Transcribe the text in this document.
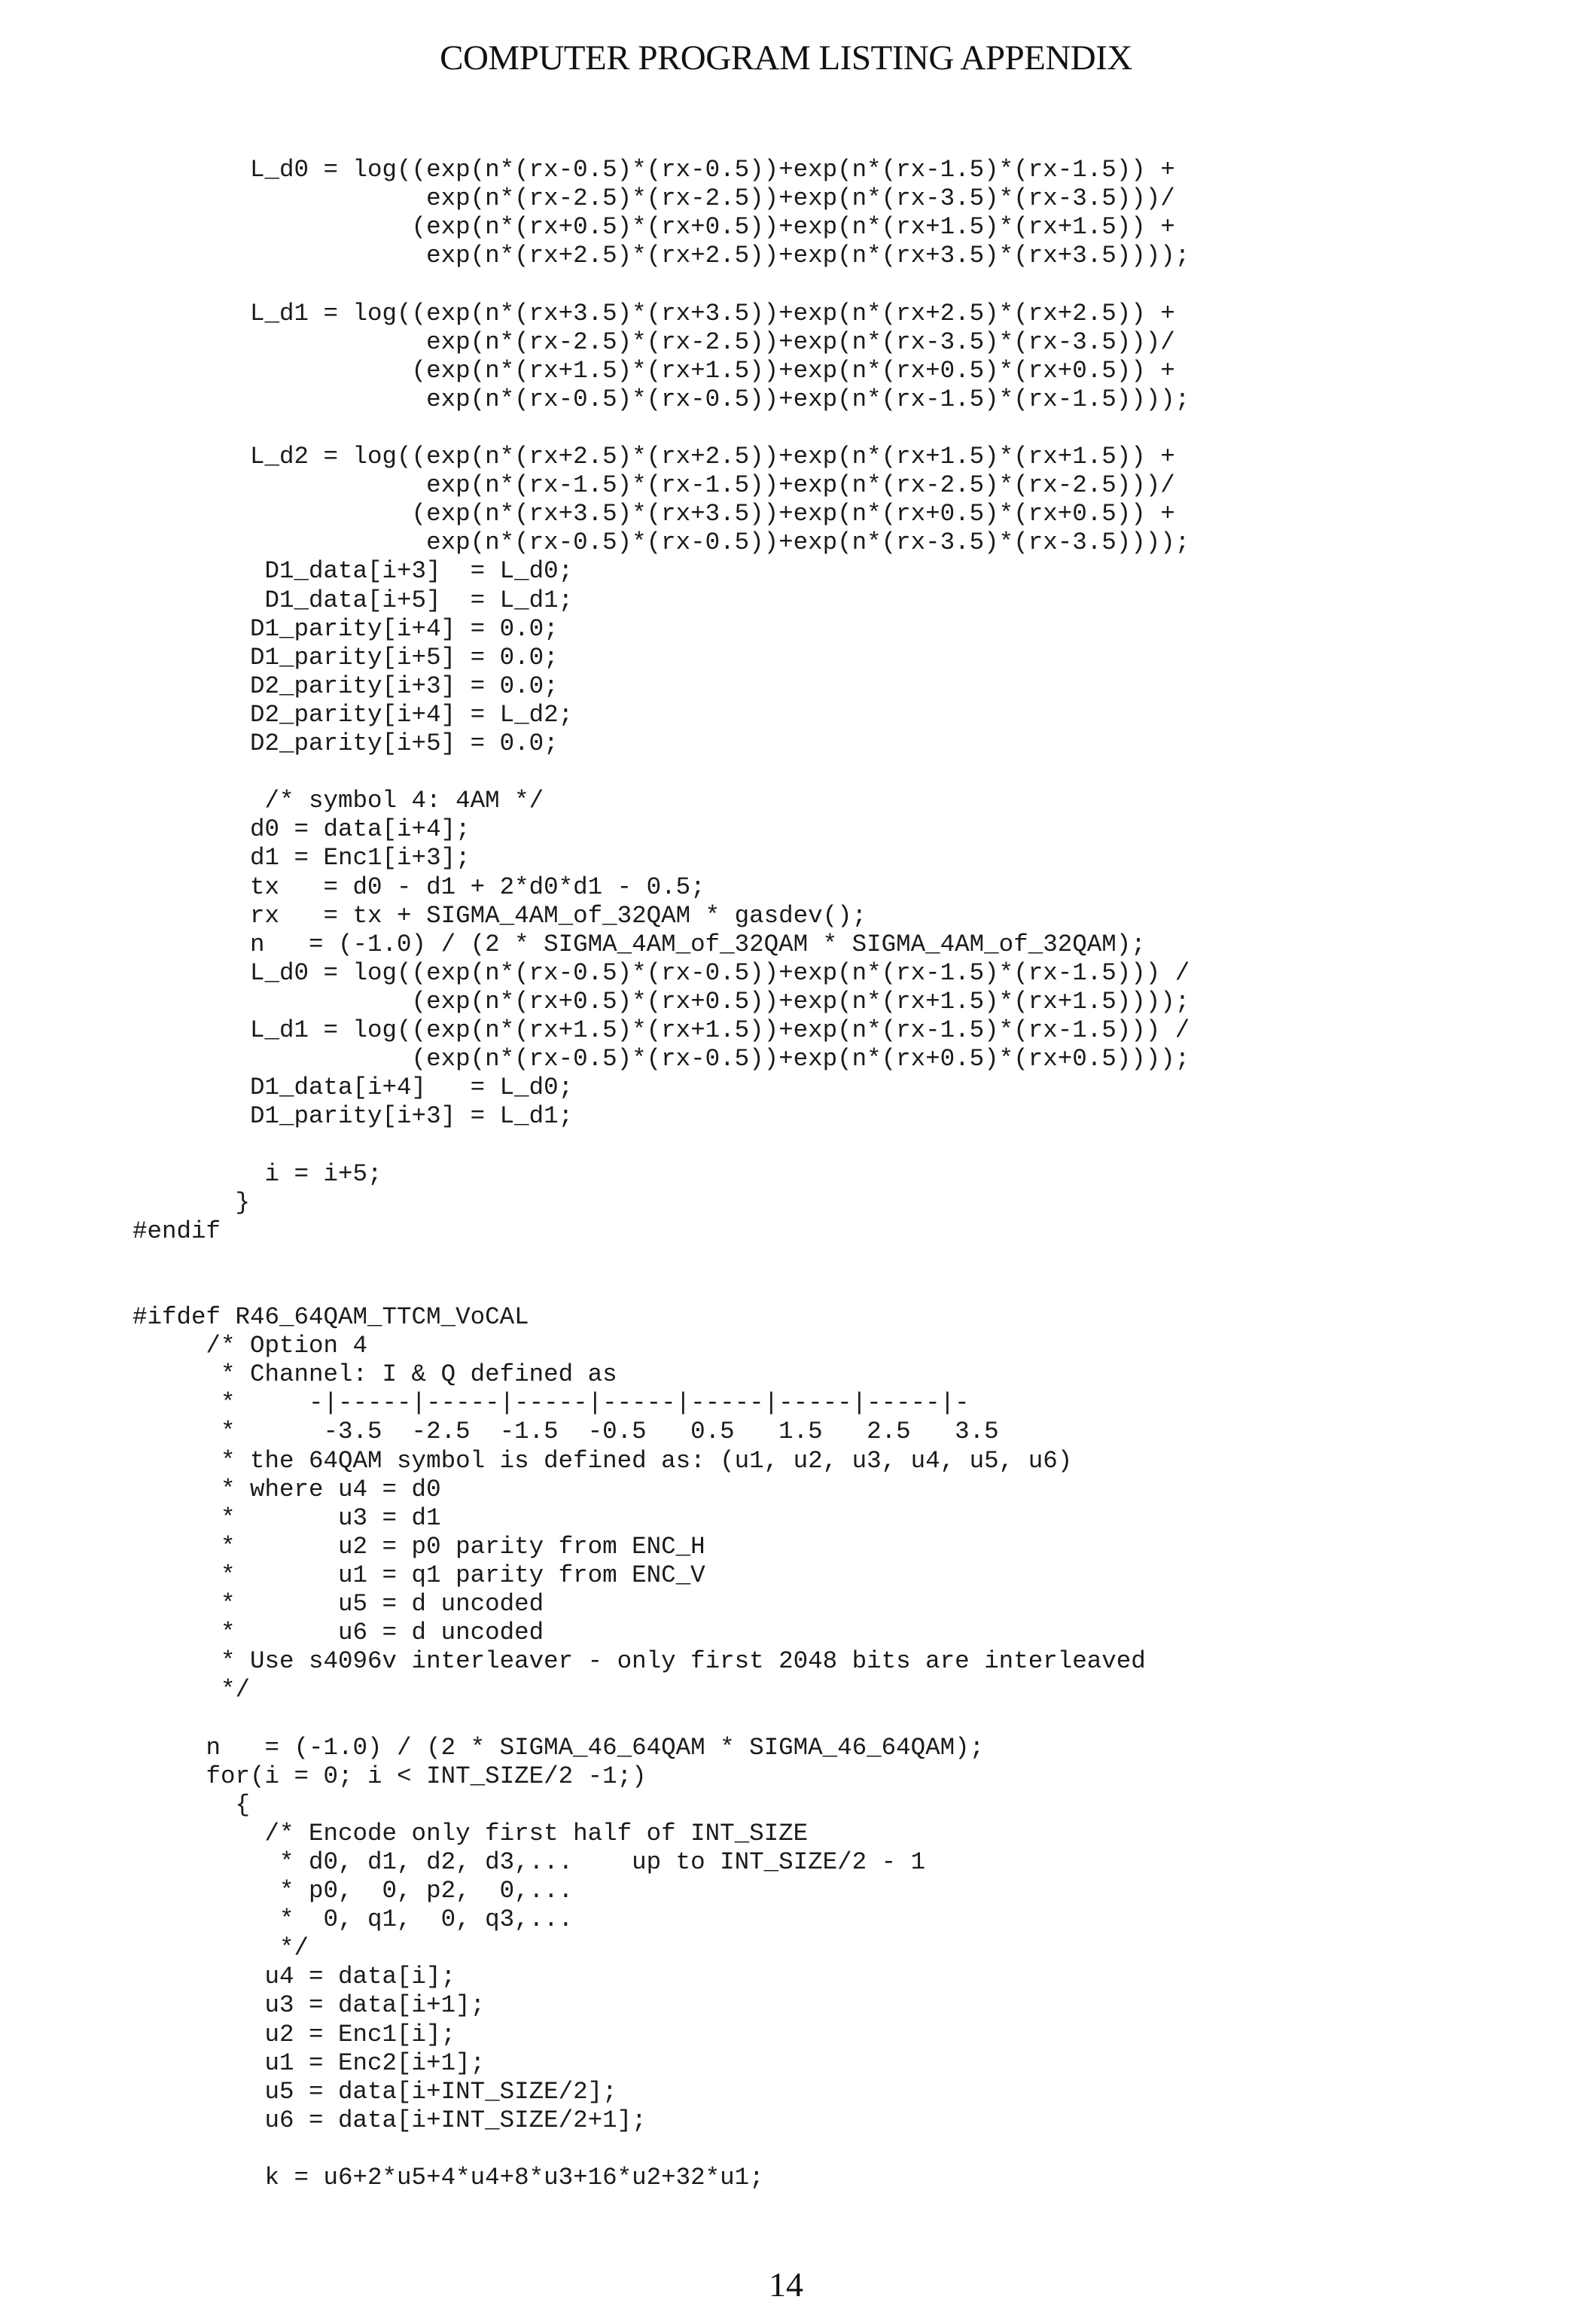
COMPUTER PROGRAM LISTING APPENDIX
L_d0 = log((exp(n*(rx-0.5)*(rx-0.5))+exp(n*(rx-1.5)*(rx-1.5)) +
exp(n*(rx-2.5)*(rx-2.5))+exp(n*(rx-3.5)*(rx-3.5)))/
(exp(n*(rx+0.5)*(rx+0.5))+exp(n*(rx+1.5)*(rx+1.5)) +
exp(n*(rx+2.5)*(rx+2.5))+exp(n*(rx+3.5)*(rx+3.5))));
L_d1 = log((exp(n*(rx+3.5)*(rx+3.5))+exp(n*(rx+2.5)*(rx+2.5)) +
exp(n*(rx-2.5)*(rx-2.5))+exp(n*(rx-3.5)*(rx-3.5)))/
(exp(n*(rx+1.5)*(rx+1.5))+exp(n*(rx+0.5)*(rx+0.5)) +
exp(n*(rx-0.5)*(rx-0.5))+exp(n*(rx-1.5)*(rx-1.5))));
L_d2 = log((exp(n*(rx+2.5)*(rx+2.5))+exp(n*(rx+1.5)*(rx+1.5)) +
exp(n*(rx-1.5)*(rx-1.5))+exp(n*(rx-2.5)*(rx-2.5)))/
(exp(n*(rx+3.5)*(rx+3.5))+exp(n*(rx+0.5)*(rx+0.5)) +
exp(n*(rx-0.5)*(rx-0.5))+exp(n*(rx-3.5)*(rx-3.5))));
D1_data[i+3]  = L_d0;
D1_data[i+5]  = L_d1;
D1_parity[i+4] = 0.0;
D1_parity[i+5] = 0.0;
D2_parity[i+3] = 0.0;
D2_parity[i+4] = L_d2;
D2_parity[i+5] = 0.0;
/* symbol 4: 4AM */
d0 = data[i+4];
d1 = Enc1[i+3];
tx   = d0 - d1 + 2*d0*d1 - 0.5;
rx   = tx + SIGMA_4AM_of_32QAM * gasdev();
n   = (-1.0) / (2 * SIGMA_4AM_of_32QAM * SIGMA_4AM_of_32QAM);
L_d0 = log((exp(n*(rx-0.5)*(rx-0.5))+exp(n*(rx-1.5)*(rx-1.5))) /
(exp(n*(rx+0.5)*(rx+0.5))+exp(n*(rx+1.5)*(rx+1.5))));
L_d1 = log((exp(n*(rx+1.5)*(rx+1.5))+exp(n*(rx-1.5)*(rx-1.5))) /
(exp(n*(rx-0.5)*(rx-0.5))+exp(n*(rx+0.5)*(rx+0.5))));
D1_data[i+4]   = L_d0;
D1_parity[i+3] = L_d1;
i = i+5;
}
#endif
#ifdef R46_64QAM_TTCM_VoCAL
/* Option 4
* Channel: I & Q defined as
*     -|-----|-----|-----|-----|-----|-----|-----|-
*      -3.5  -2.5  -1.5  -0.5   0.5   1.5   2.5   3.5
* the 64QAM symbol is defined as: (u1, u2, u3, u4, u5, u6)
* where u4 = d0
*       u3 = d1
*       u2 = p0 parity from ENC_H
*       u1 = q1 parity from ENC_V
*       u5 = d uncoded
*       u6 = d uncoded
* Use s4096v interleaver - only first 2048 bits are interleaved
*/
n   = (-1.0) / (2 * SIGMA_46_64QAM * SIGMA_46_64QAM);
for(i = 0; i < INT_SIZE/2 -1;)
{
/* Encode only first half of INT_SIZE
* d0, d1, d2, d3,...    up to INT_SIZE/2 - 1
* p0,  0, p2,  0,...
*  0, q1,  0, q3,...
*/
u4 = data[i];
u3 = data[i+1];
u2 = Enc1[i];
u1 = Enc2[i+1];
u5 = data[i+INT_SIZE/2];
u6 = data[i+INT_SIZE/2+1];
k = u6+2*u5+4*u4+8*u3+16*u2+32*u1;
14
